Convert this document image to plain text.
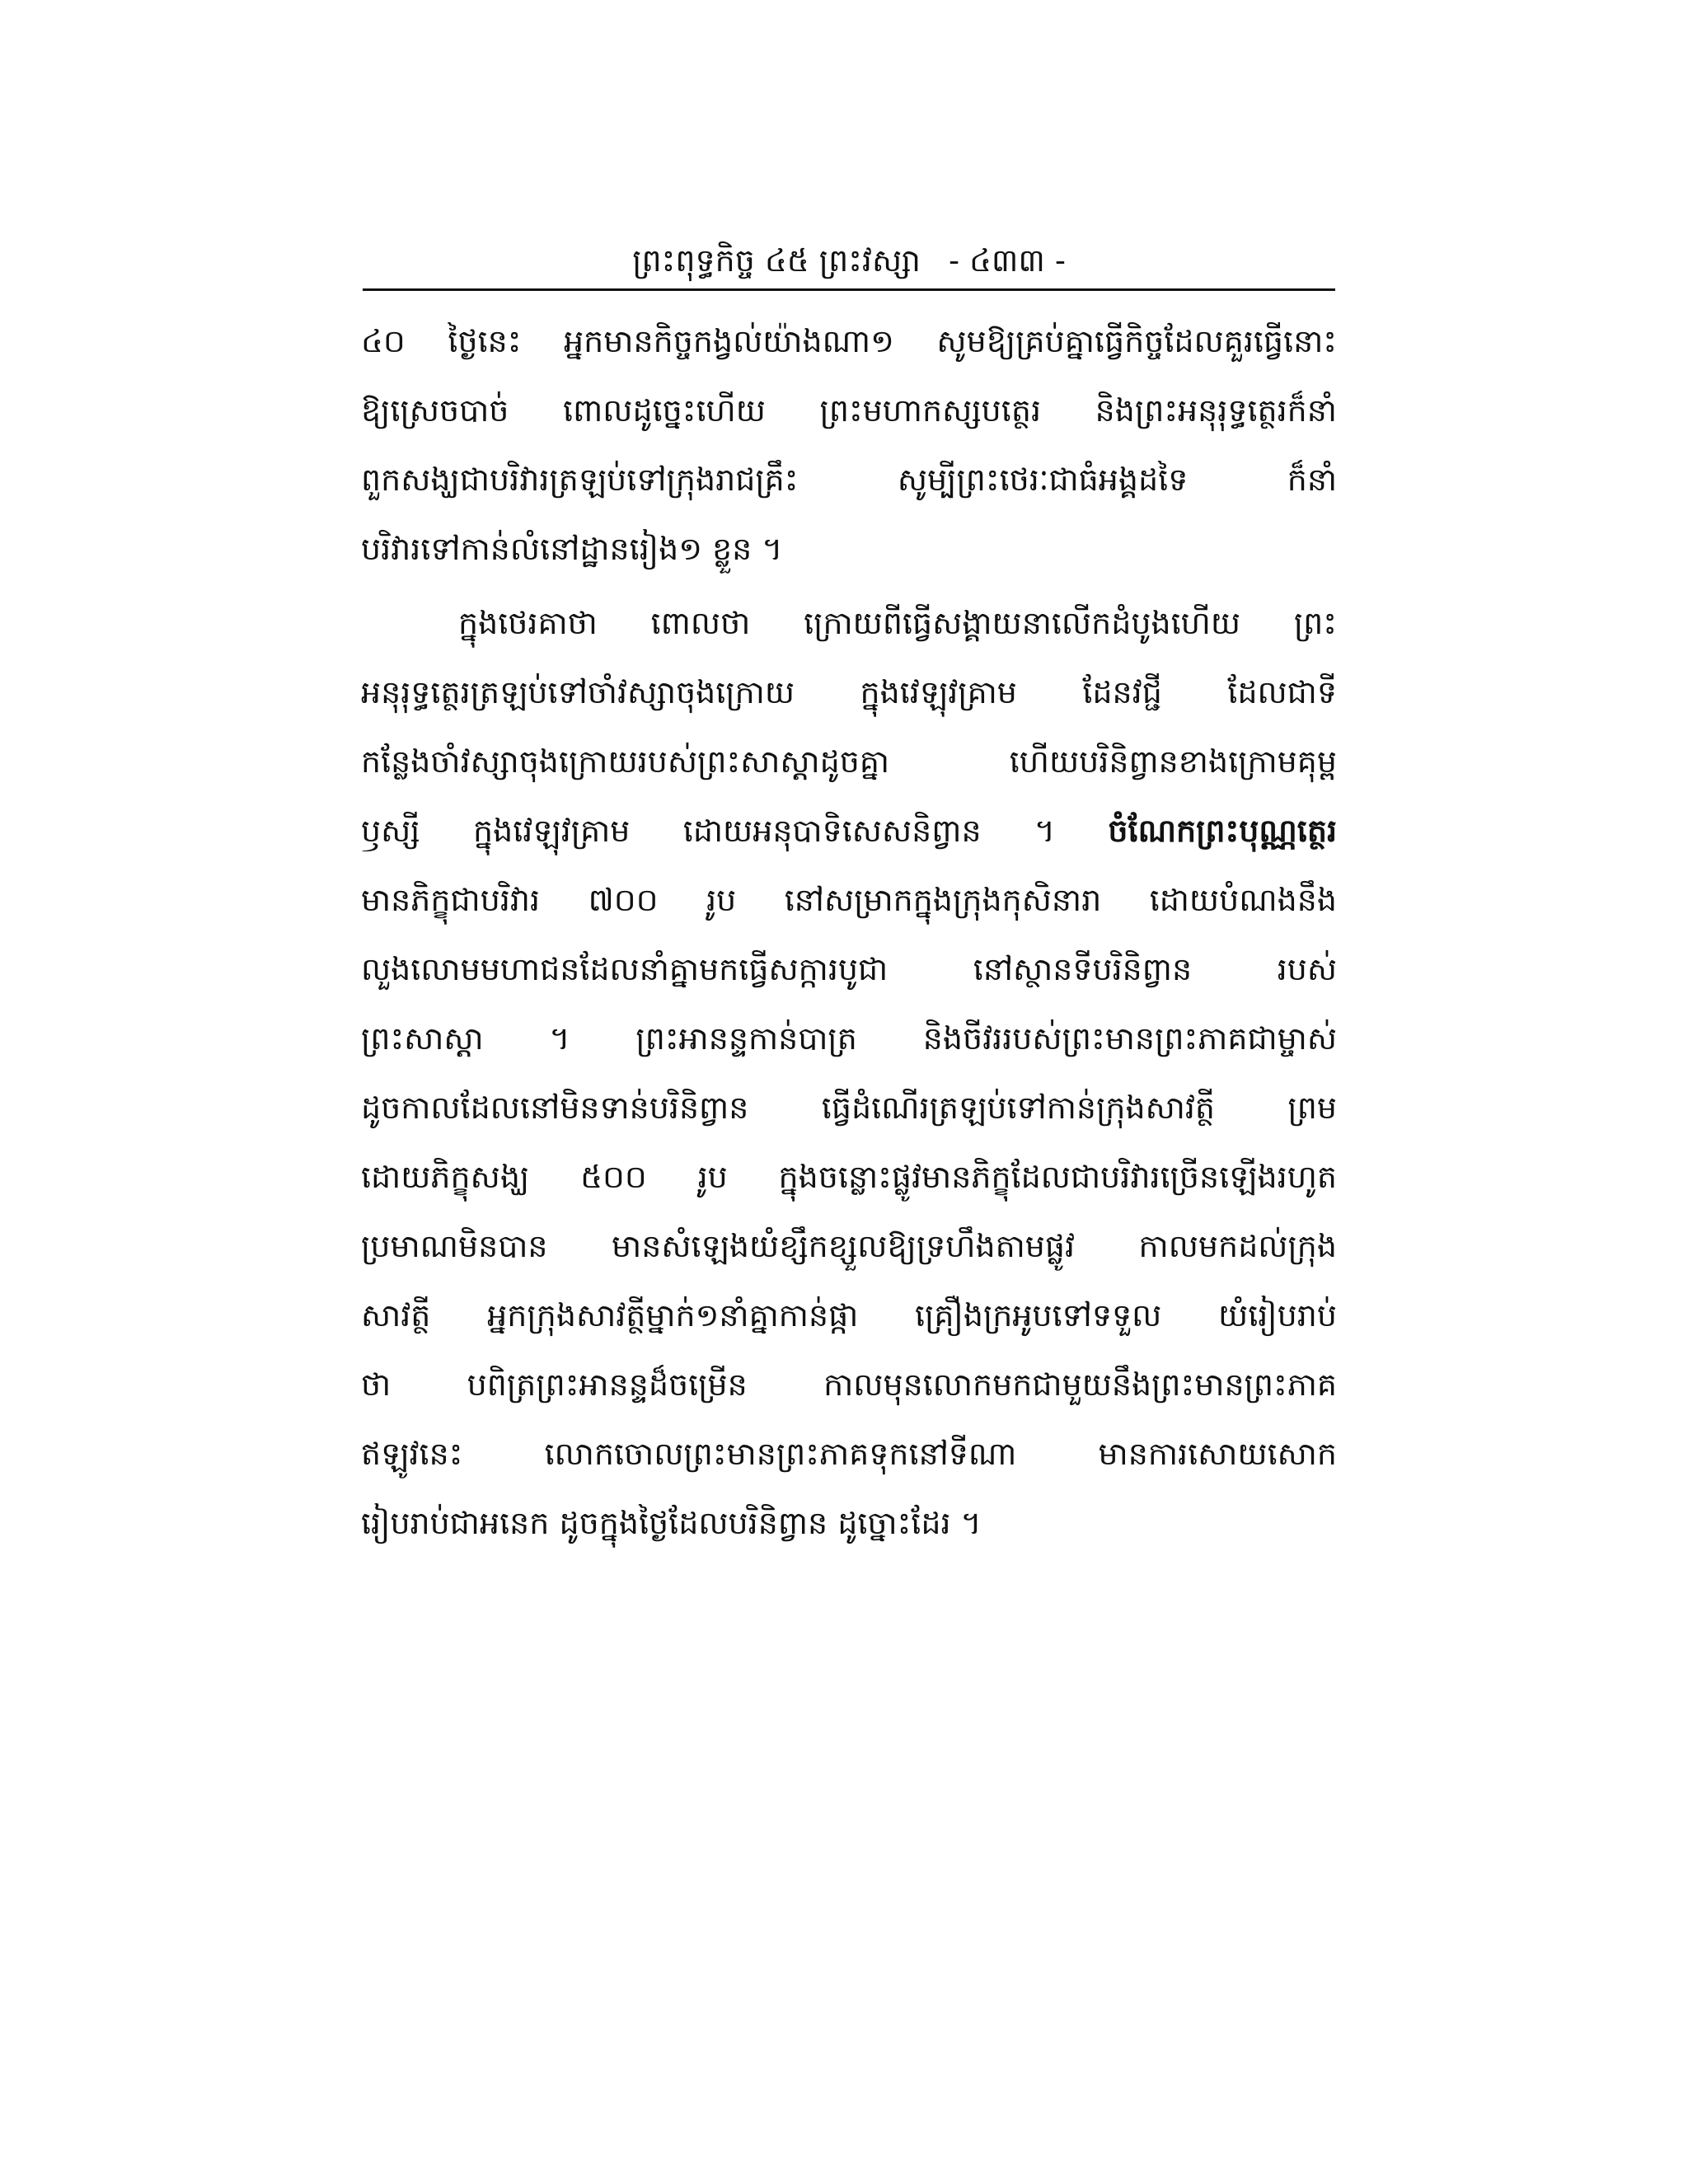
ព្រះពុទ្ធកិច្ច ៤៥ ព្រះវស្សា - ៤៣៣ -
៤០ ថ្ងៃនេះ អ្នកមានកិច្ចកង្វល់យ៉ាងណា១ សូមឱ្យគ្រប់គ្នាធ្វើកិច្ចដែលគួរធ្វើនោះ
ឱ្យស្រេចបាច់ ពោលដូច្នេះហើយ ព្រះមហាកស្សបត្ថេរ និងព្រះអនុរុទ្ធត្ថេរក៏នាំ
ពួកសង្ឃជាបរិវារត្រឡប់ទៅក្រុងរាជគ្រឹះ សូម្បីព្រះថេរៈជាធំអង្គដទៃ ក៏នាំ
បរិវារទៅកាន់លំនៅដ្ឋានរៀង១ ខ្លួន ។
ក្នុងថេរគាថា ពោលថា ក្រោយពីធ្វើសង្គាយនាលើកដំបូងហើយ ព្រះ
អនុរុទ្ធត្ថេរត្រឡប់ទៅចាំវស្សាចុងក្រោយ ក្នុងវេឡុវគ្រាម ដែនវជ្ជី ដែលជាទី
កន្លែងចាំវស្សាចុងក្រោយរបស់ព្រះសាស្ដាដូចគ្នា ហើយបរិនិព្វានខាងក្រោមគុម្ព
ឫស្សី ក្នុងវេឡុវគ្រាម ដោយអនុបាទិសេសនិព្វាន ។ ចំណែកព្រះបុណ្ណត្ថេរ
មានភិក្ខុជាបរិវារ ៧០០ រូប នៅសម្រាកក្នុងក្រុងកុសិនារា ដោយបំណងនឹង
លួងលោមមហាជនដែលនាំគ្នាមកធ្វើសក្ការបូជា នៅស្ថានទីបរិនិព្វាន របស់
ព្រះសាស្ដា ។ ព្រះអានន្ទកាន់បាត្រ និងចីវររបស់ព្រះមានព្រះភាគជាម្ចាស់
ដូចកាលដែលនៅមិនទាន់បរិនិព្វាន ធ្វើដំណើរត្រឡប់ទៅកាន់ក្រុងសាវត្ថី ព្រម
ដោយភិក្ខុសង្ឃ ៥០០ រូប ក្នុងចន្លោះផ្លូវមានភិក្ខុដែលជាបរិវារច្រើនឡើងរហូត
ប្រមាណមិនបាន មានសំឡេងយំខ្សឹកខ្សួលឱ្យទ្រហឹងតាមផ្លូវ កាលមកដល់ក្រុង
សាវត្ថី អ្នកក្រុងសាវត្ថីម្នាក់១នាំគ្នាកាន់ផ្កា គ្រឿងក្រអូបទៅទទួល យំរៀបរាប់
ថា បពិត្រព្រះអានន្ទដ៏ចម្រើន កាលមុនលោកមកជាមួយនឹងព្រះមានព្រះភាគ
ឥឡូវនេះ លោកចោលព្រះមានព្រះភាគទុកនៅទីណា មានការសោយសោក
រៀបរាប់ជាអនេក ដូចក្នុងថ្ងៃដែលបរិនិព្វាន ដូច្នោះដែរ ។
